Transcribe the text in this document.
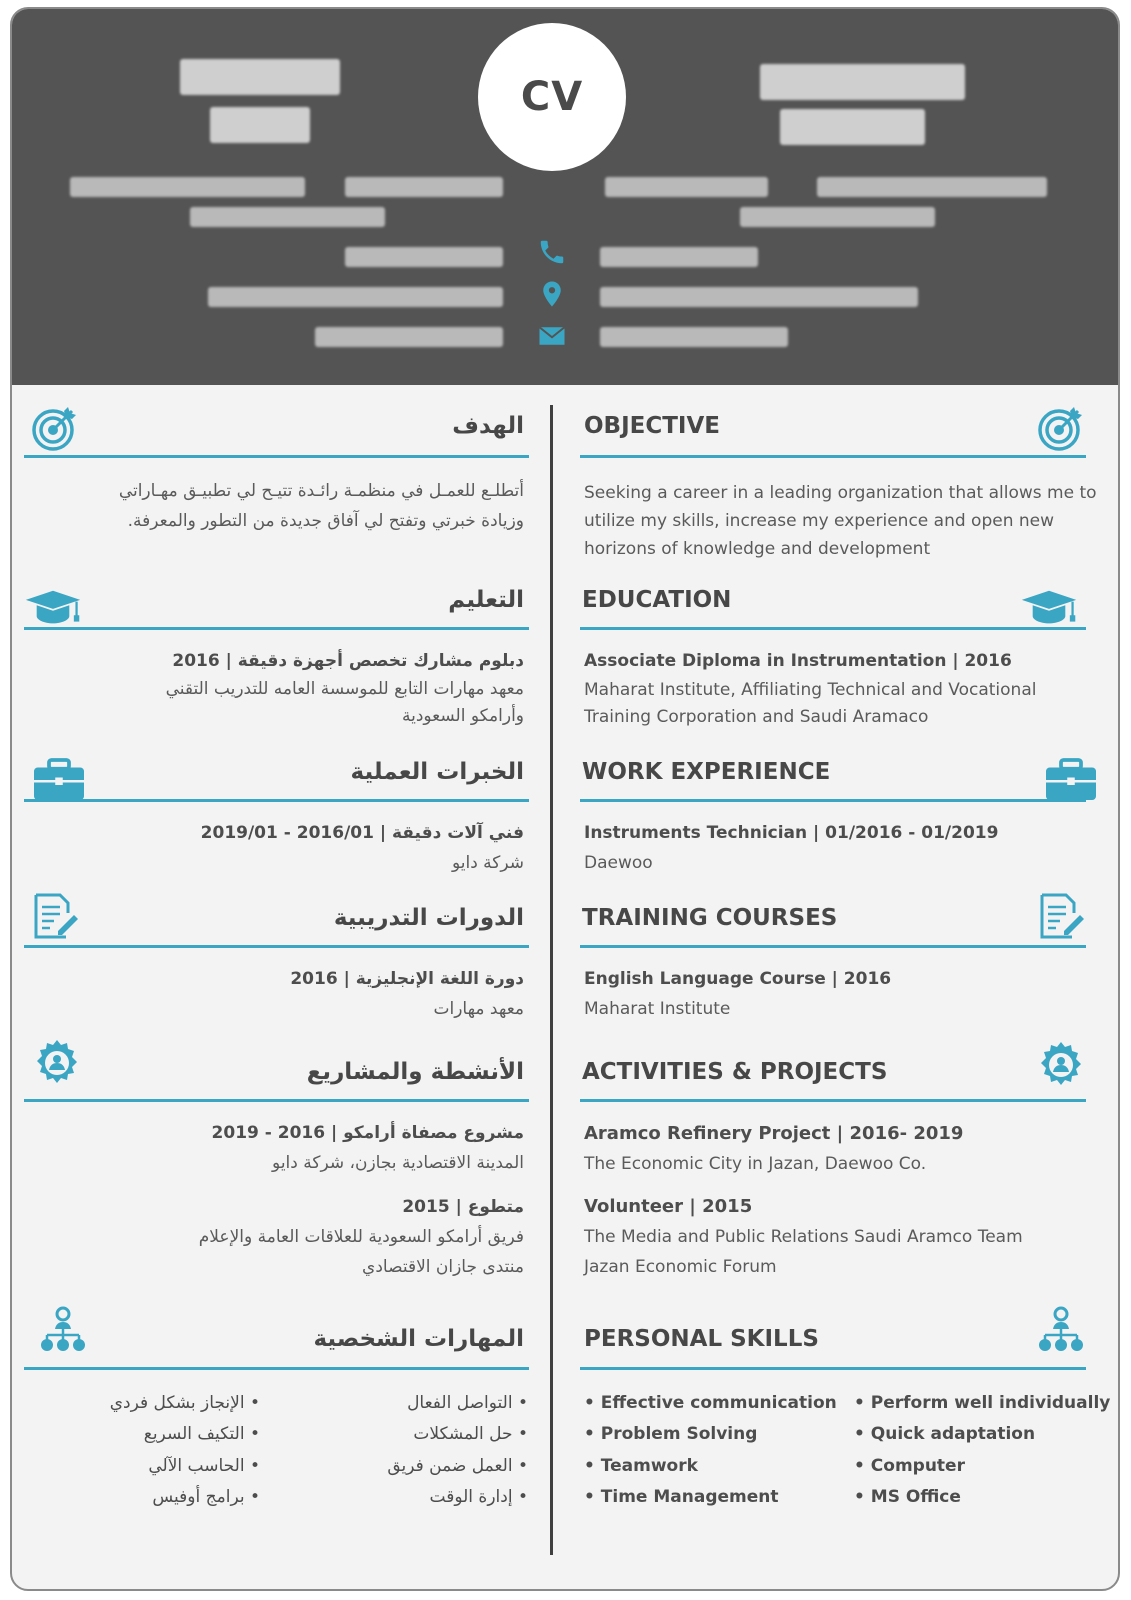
CV
OBJECTIVE
Seeking a career in a leading organization that allows me to
utilize my skills, increase my experience and open new
horizons of knowledge and development
EDUCATION
Associate Diploma in Instrumentation | 2016
Maharat Institute, Affiliating Technical and Vocational
Training Corporation and Saudi Aramaco
WORK EXPERIENCE
Instruments Technician | 01/2016 - 01/2019
Daewoo
TRAINING COURSES
English Language Course | 2016
Maharat Institute
ACTIVITIES & PROJECTS
Aramco Refinery Project | 2016- 2019
The Economic City in Jazan, Daewoo Co.
Volunteer | 2015
The Media and Public Relations Saudi Aramco Team
Jazan Economic Forum
PERSONAL SKILLS
• Effective communication
• Problem Solving
• Teamwork
• Time Management
• Perform well individually
• Quick adaptation
• Computer
• MS Office
الهدف
أتطلـع للعمـل في منظمـة رائـدة تتيـح لي تطبيـق مهـاراتي
وزيادة خبرتي وتفتح لي آفاق جديدة من التطور والمعرفة.
التعليم
دبلوم مشارك تخصص أجهزة دقيقة | 2016
معهد مهارات التابع للموسسة العامه للتدريب التقني
وأرامكو السعودية
الخبرات العملية
فني آلات دقيقة | 2016/01 - 2019/01
شركة دايو
الدورات التدريبية
دورة اللغة الإنجليزية | 2016
معهد مهارات
الأنشطة والمشاريع
مشروع مصفاة أرامكو | 2016 - 2019
المدينة الاقتصادية بجازن، شركة دايو
متطوع | 2015
فريق أرامكو السعودية للعلاقات العامة والإعلام
منتدى جازان الاقتصادي
المهارات الشخصية
• التواصل الفعال
• حل المشكلات
• العمل ضمن فريق
• إدارة الوقت
• الإنجاز بشكل فردي
• التكيف السريع
• الحاسب الآلي
• برامج أوفيس
